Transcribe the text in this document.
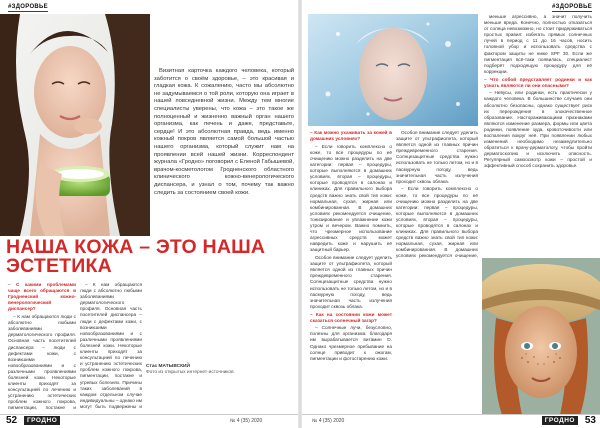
#ЗДОРОВЬЕ

Визитная карточка каждого человека, который заботится о своём здоровье, – это красивая и гладкая кожа. К сожалению, часто мы абсолютно не задумываемся о той роли, которую она играет в нашей повседневной жизни. Между тем многие специалисты уверены, что кожа – это такое же полноценный и жизненно важный орган нашего организма, как печень и даже, представьте, сердце! И это абсолютная правда, ведь именно кожный покров является самой большой частью нашего организма, который служит нам на проявлении всей нашей жизни. Корреспондент журнала «Гродно» поговорил с Еленой Габышевой, врачом-косметологом Гродненского областного клинического кожно-венерологического диспансера, и узнал о том, почему так важно следить за состоянием своей кожи.

НАША КОЖА – ЭТО НАША ЭСТЕТИКА

– С какими проблемами чаще всего обращаются в Гродненский кожно-венерологический диспансер?

– К нам обращаются люди с абсолютно любыми заболеваниями дерматологического профиля. Основная часть посетителей диспансера – люди с дефектами кожи, с возникшими новообразованиями и с различными проявлениями болезней кожи. Некоторые клиенты приходят за консультацией по лечению и устранению эстетических проблем кожного покрова, пигментации, постакне и

– К нам обращаются люди с абсолютно любыми заболеваниями дерматологического профиля. Основная часть посетителей диспансера – люди с дефектами кожи, с возникшими новообразованиями и с различными проявлениями болезней кожи. Некоторые клиенты приходят за консультацией по лечению и устранению эстетических проблем кожного покрова, пигментации, постакне и угревых болезнях. Причины таких заболеваний в каждом отдельном случае индивидуальны – однако им могут быть подвержены и

Стас МАТЫВСКИЙ
Фото из открытых интернет-источников
52	ГРОДНО	№ 4 (35) 2020
#ЗДОРОВЬЕ

– Как можно ухаживать за кожей в домашних условиях?

– Если говорить комплексно о коже, то все процедуры по её очищению можно разделить на две категории: первая – процедуры, которые выполняются в домашних условиях, вторая – процедуры, которые проводятся в салонах и клиниках. Для правильного выбора средств важно знать свой тип кожи: нормальная, сухая, жирная или комбинированная. В домашних условиях рекомендуется очищение, тонизирование и увлажнение кожи утром и вечером. Важно помнить, что чрезмерное использование агрессивных средств может навредить коже и нарушить её защитный барьер.

Особое внимание следует уделить защите от ультрафиолета, который является одной из главных причин преждевременного старения. Солнцезащитные средства нужно использовать не только летом, но и в пасмурную погоду, ведь значительная часть излучения проходит сквозь облака.

– Как на состоянии кожи может сказаться солнечный загар?

– Солнечные лучи, безусловно, полезны для организма: благодаря им вырабатывается витамин D. Однако чрезмерное пребывание на солнце приводит к ожогам, пигментации и фотостарению кожи.

Особое внимание следует уделить защите от ультрафиолета, который является одной из главных причин преждевременного старения. Солнцезащитные средства нужно использовать не только летом, но и в пасмурную погоду, ведь значительная часть излучения проходит сквозь облака.

– Если говорить комплексно о коже, то все процедуры по её очищению можно разделить на две категории: первая – процедуры, которые выполняются в домашних условиях, вторая – процедуры, которые проводятся в салонах и клиниках. Для правильного выбора средств важно знать свой тип кожи: нормальная, сухая, жирная или комбинированная. В домашних условиях рекомендуется очищение,

меньше агрессивно, а значит получить меньше вреда. Конечно, полностью отказаться от солнца невозможно, но стоит придерживаться простых правил: избегать прямых солнечных лучей в период с 11 до 16 часов, носить головной убор и использовать средства с фактором защиты не ниже SPF 30. Если же пигментация всё-таки появилась, специалист подберёт подходящую процедуру для её коррекции.

– Что собой представляет родинки и как узнать являются ли они опасными?

– Невусы, или родинки, есть практически у каждого человека. В большинстве случаев они абсолютно безопасны, однако существует риск их перерождения в злокачественное образование. Настораживающими признаками являются изменение размера, формы или цвета родинки, появление зуда, кровоточивости или воспаления вокруг неё. При появлении любых изменений необходимо незамедлительно обратиться к врачу-дерматологу, чтобы пройти дерматоскопию и исключить опасность. Регулярный самоосмотр кожи – простой и эффективный способ сохранить здоровье.

№ 4 (35) 2020	ГРОДНО 53
